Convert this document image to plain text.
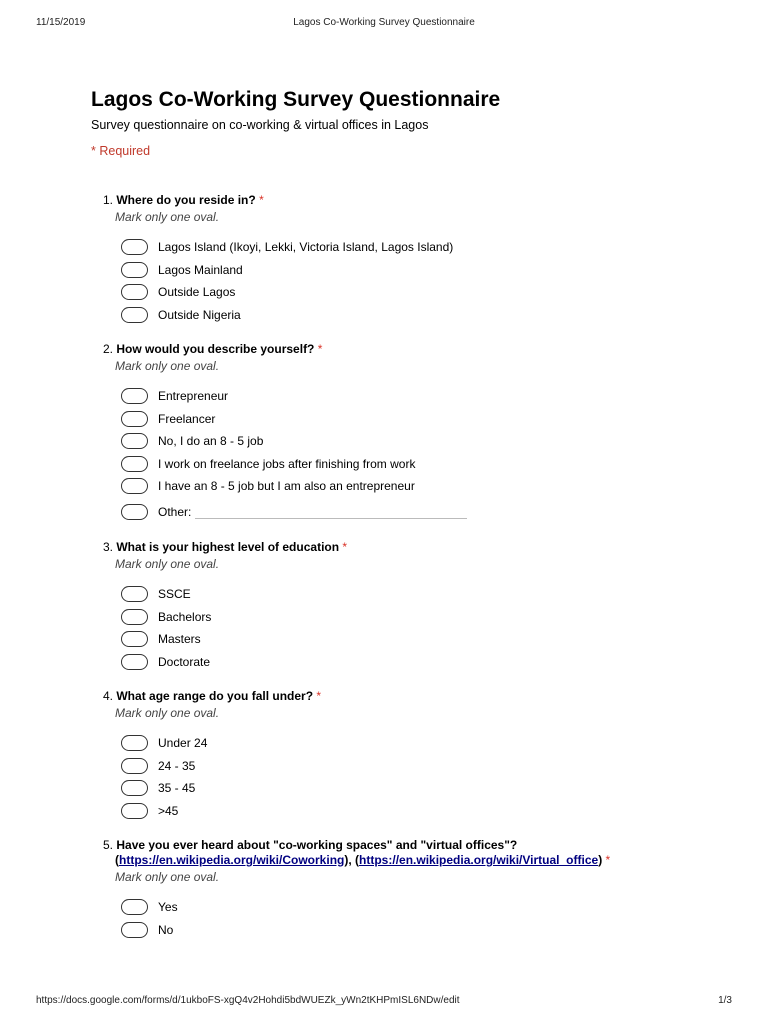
11/15/2019	Lagos Co-Working Survey Questionnaire
Lagos Co-Working Survey Questionnaire
Survey questionnaire on co-working & virtual offices in Lagos
* Required
1. Where do you reside in? *
Mark only one oval.
Lagos Island (Ikoyi, Lekki, Victoria Island, Lagos Island)
Lagos Mainland
Outside Lagos
Outside Nigeria
2. How would you describe yourself? *
Mark only one oval.
Entrepreneur
Freelancer
No, I do an 8 - 5 job
I work on freelance jobs after finishing from work
I have an 8 - 5 job but I am also an entrepreneur
Other:
3. What is your highest level of education *
Mark only one oval.
SSCE
Bachelors
Masters
Doctorate
4. What age range do you fall under? *
Mark only one oval.
Under 24
24 - 35
35 - 45
>45
5. Have you ever heard about "co-working spaces" and "virtual offices"?
(https://en.wikipedia.org/wiki/Coworking), (https://en.wikipedia.org/wiki/Virtual_office) *
Mark only one oval.
Yes
No
https://docs.google.com/forms/d/1ukboFS-xgQ4v2Hohdi5bdWUEZk_yWn2tKHPmISL6NDw/edit	1/3
